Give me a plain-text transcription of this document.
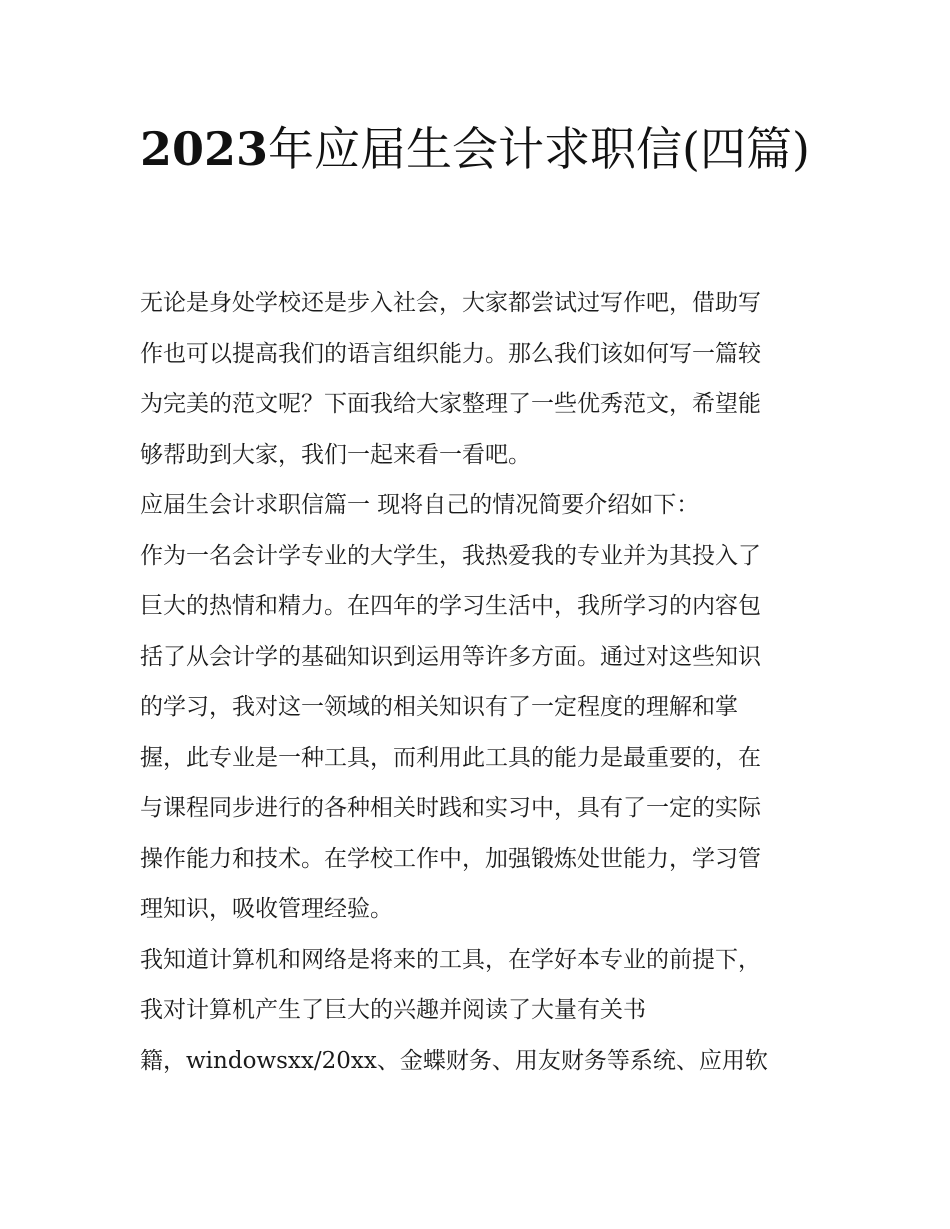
2023年应届生会计求职信(四篇)

无论是身处学校还是步入社会，大家都尝试过写作吧，借助写
作也可以提高我们的语言组织能力。那么我们该如何写一篇较
为完美的范文呢？下面我给大家整理了一些优秀范文，希望能
够帮助到大家，我们一起来看一看吧。

应届生会计求职信篇一 现将自己的情况简要介绍如下：

作为一名会计学专业的大学生，我热爱我的专业并为其投入了
巨大的热情和精力。在四年的学习生活中，我所学习的内容包
括了从会计学的基础知识到运用等许多方面。通过对这些知识
的学习，我对这一领域的相关知识有了一定程度的理解和掌
握，此专业是一种工具，而利用此工具的能力是最重要的，在
与课程同步进行的各种相关时践和实习中，具有了一定的实际
操作能力和技术。在学校工作中，加强锻炼处世能力，学习管
理知识，吸收管理经验。

我知道计算机和网络是将来的工具，在学好本专业的前提下，
我对计算机产生了巨大的兴趣并阅读了大量有关书
籍，windowsxx/20xx、金蝶财务、用友财务等系统、应用软
